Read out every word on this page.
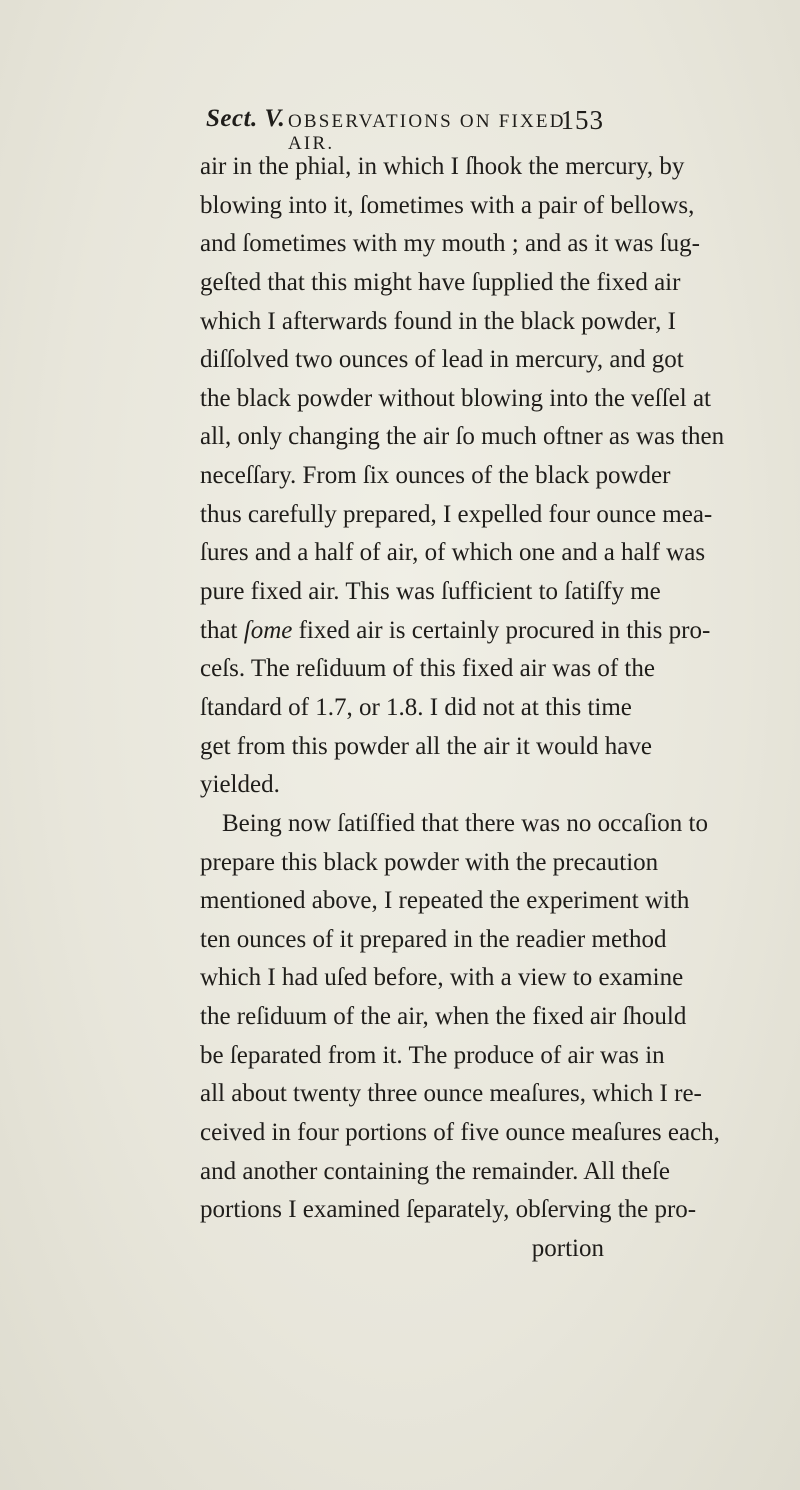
Sect. V. OBSERVATIONS ON FIXED AIR.
153
air in the phial, in which I ſhook the mercury, by
blowing into it, ſometimes with a pair of bellows,
and ſometimes with my mouth ; and as it was ſug-
geſted that this might have ſupplied the fixed air
which I afterwards found in the black powder, I
diſſolved two ounces of lead in mercury, and got
the black powder without blowing into the veſſel at
all, only changing the air ſo much oftner as was then
neceſſary. From ſix ounces of the black powder
thus carefully prepared, I expelled four ounce mea-
ſures and a half of air, of which one and a half was
pure fixed air. This was ſufficient to ſatiſfy me
that ſome fixed air is certainly procured in this pro-
ceſs. The reſiduum of this fixed air was of the
ſtandard of 1.7, or 1.8. I did not at this time
get from this powder all the air it would have
yielded.
Being now ſatiſfied that there was no occaſion to
prepare this black powder with the precaution
mentioned above, I repeated the experiment with
ten ounces of it prepared in the readier method
which I had uſed before, with a view to examine
the reſiduum of the air, when the fixed air ſhould
be ſeparated from it. The produce of air was in
all about twenty three ounce meaſures, which I re-
ceived in four portions of five ounce meaſures each,
and another containing the remainder. All theſe
portions I examined ſeparately, obſerving the pro-
portion
